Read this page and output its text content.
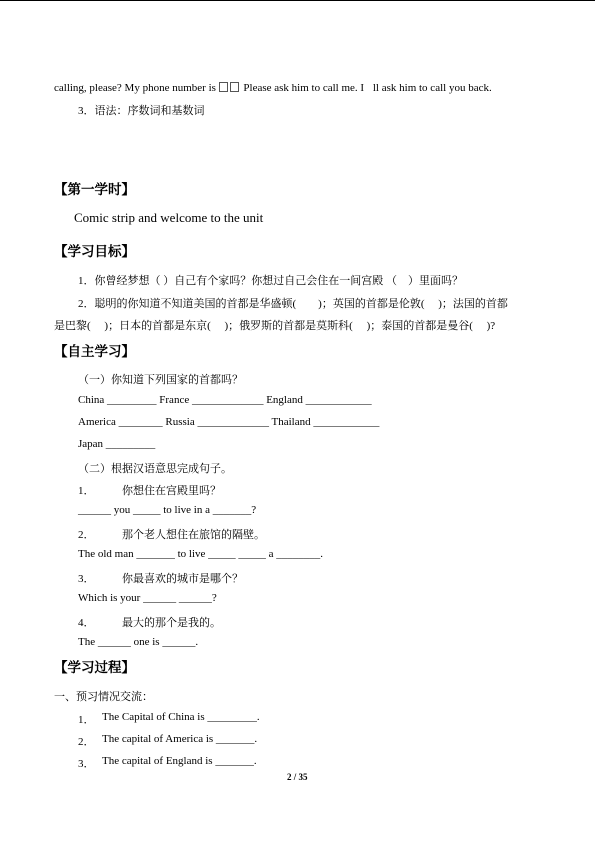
calling, please? My phone number is  Please ask him to call me. Ill ask him to call you back.
3．语法：序数词和基数词
【第一学时】
Comic strip and welcome to the unit
【学习目标】
1．你曾经梦想（ ）自己有个家吗？你想过自己会住在一间宫殿 （　）里面吗？
2．聪明的你知道不知道美国的首都是华盛顿(　　)；英国的首都是伦敦(　 )；法国的首都
是巴黎(　 )；日本的首都是东京(　 )；俄罗斯的首都是莫斯科(　 )；泰国的首都是曼谷(　 )?
【自主学习】
（一）你知道下列国家的首都吗？
China _________ France _____________ England ____________
America ________ Russia _____________ Thailand ____________
Japan _________
（二）根据汉语意思完成句子。
1．	你想住在宫殿里吗？
______ you _____ to live in a _______?
2．	那个老人想住在旅馆的隔壁。
The old man _______ to live _____ _____ a ________.
3．	你最喜欢的城市是哪个？
Which is your ______ ______?
4．	最大的那个是我的。
The ______ one is ______.
【学习过程】
一、预习情况交流：
1． The Capital of China is _________.
2． The capital of America is _______.
3． The capital of England is _______.
2 / 35
